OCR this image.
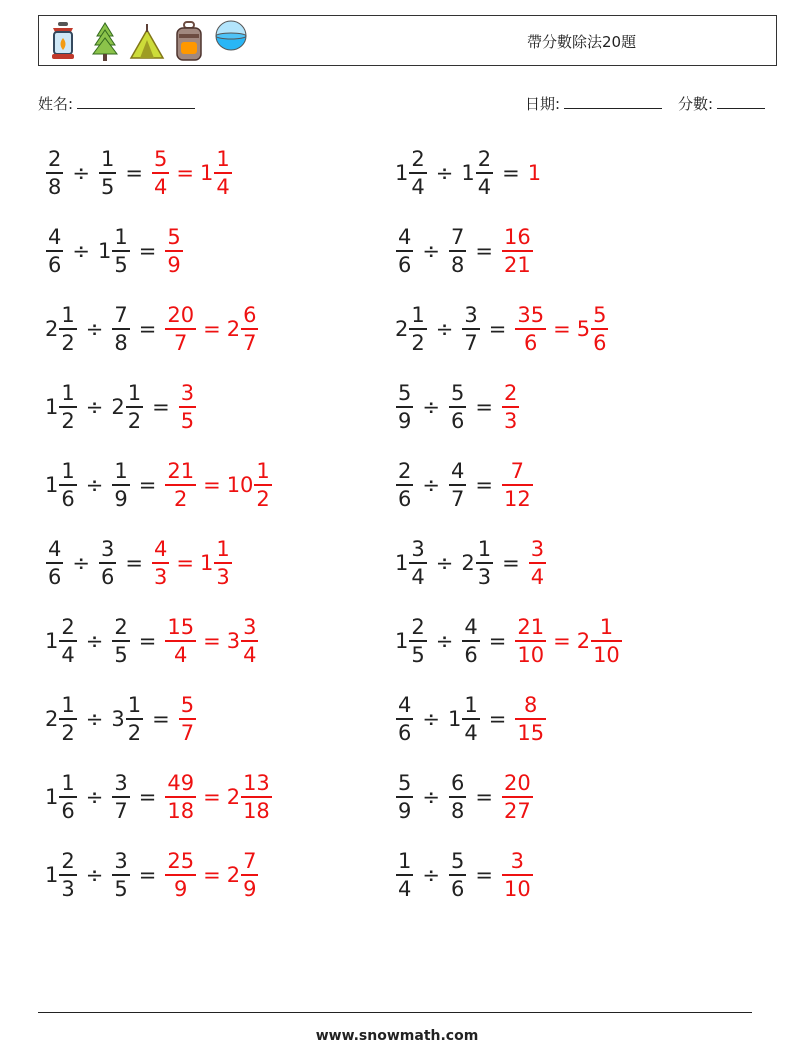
帶分數除法20題
姓名:	日期:	分數:
$\frac{2}{8} \div \frac{1}{5} = \frac{5}{4} = 1 \frac{1}{4}$	$1 \frac{2}{4} \div 1 \frac{2}{4} = 1$
$\frac{4}{6} \div 1 \frac{1}{5} = \frac{5}{9}$	$\frac{4}{6} \div \frac{7}{8} = \frac{16}{21}$
$2 \frac{1}{2} \div \frac{7}{8} = \frac{20}{7} = 2 \frac{6}{7}$	$2 \frac{1}{2} \div \frac{3}{7} = \frac{35}{6} = 5 \frac{5}{6}$
$1 \frac{1}{2} \div 2 \frac{1}{2} = \frac{3}{5}$	$\frac{5}{9} \div \frac{5}{6} = \frac{2}{3}$
$1 \frac{1}{6} \div \frac{1}{9} = \frac{21}{2} = 10 \frac{1}{2}$	$\frac{2}{6} \div \frac{4}{7} = \frac{7}{12}$
$\frac{4}{6} \div \frac{3}{6} = \frac{4}{3} = 1 \frac{1}{3}$	$1 \frac{3}{4} \div 2 \frac{1}{3} = \frac{3}{4}$
$1 \frac{2}{4} \div \frac{2}{5} = \frac{15}{4} = 3 \frac{3}{4}$	$1 \frac{2}{5} \div \frac{4}{6} = \frac{21}{10} = 2 \frac{1}{10}$
$2 \frac{1}{2} \div 3 \frac{1}{2} = \frac{5}{7}$	$\frac{4}{6} \div 1 \frac{1}{4} = \frac{8}{15}$
$1 \frac{1}{6} \div \frac{3}{7} = \frac{49}{18} = 2 \frac{13}{18}$	$\frac{5}{9} \div \frac{6}{8} = \frac{20}{27}$
$1 \frac{2}{3} \div \frac{3}{5} = \frac{25}{9} = 2 \frac{7}{9}$	$\frac{1}{4} \div \frac{5}{6} = \frac{3}{10}$
www.snowmath.com
